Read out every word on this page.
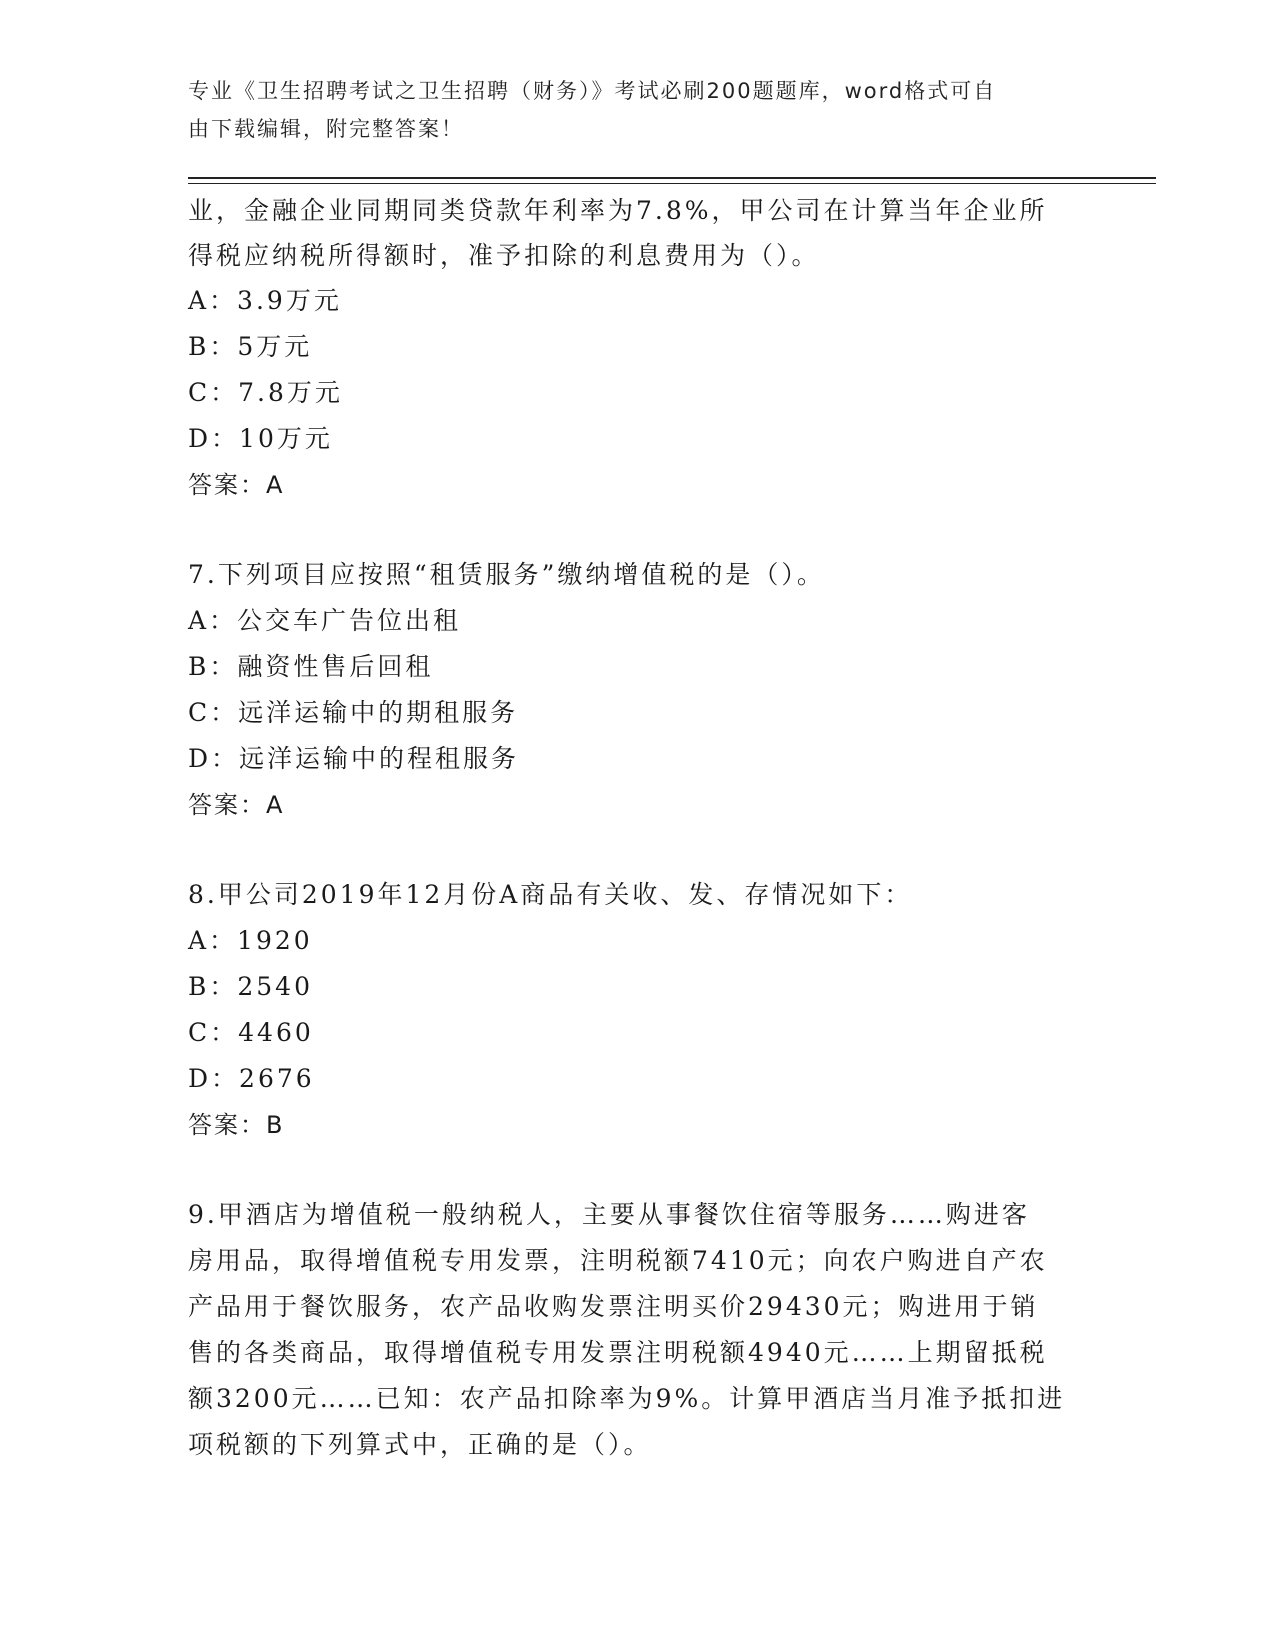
专业《卫生招聘考试之卫生招聘（财务）》考试必刷200题题库，word格式可自
由下载编辑，附完整答案！
业，金融企业同期同类贷款年利率为7.8%，甲公司在计算当年企业所
得税应纳税所得额时，准予扣除的利息费用为（）。
A：3.9万元
B：5万元
C：7.8万元
D：10万元
答案：A
7.下列项目应按照“租赁服务”缴纳增值税的是（）。
A：公交车广告位出租
B：融资性售后回租
C：远洋运输中的期租服务
D：远洋运输中的程租服务
答案：A
8.甲公司2019年12月份A商品有关收、发、存情况如下：
A：1920
B：2540
C：4460
D：2676
答案：B
9.甲酒店为增值税一般纳税人，主要从事餐饮住宿等服务……购进客
房用品，取得增值税专用发票，注明税额7410元；向农户购进自产农
产品用于餐饮服务，农产品收购发票注明买价29430元；购进用于销
售的各类商品，取得增值税专用发票注明税额4940元……上期留抵税
额3200元……已知：农产品扣除率为9%。计算甲酒店当月准予抵扣进
项税额的下列算式中，正确的是（）。
